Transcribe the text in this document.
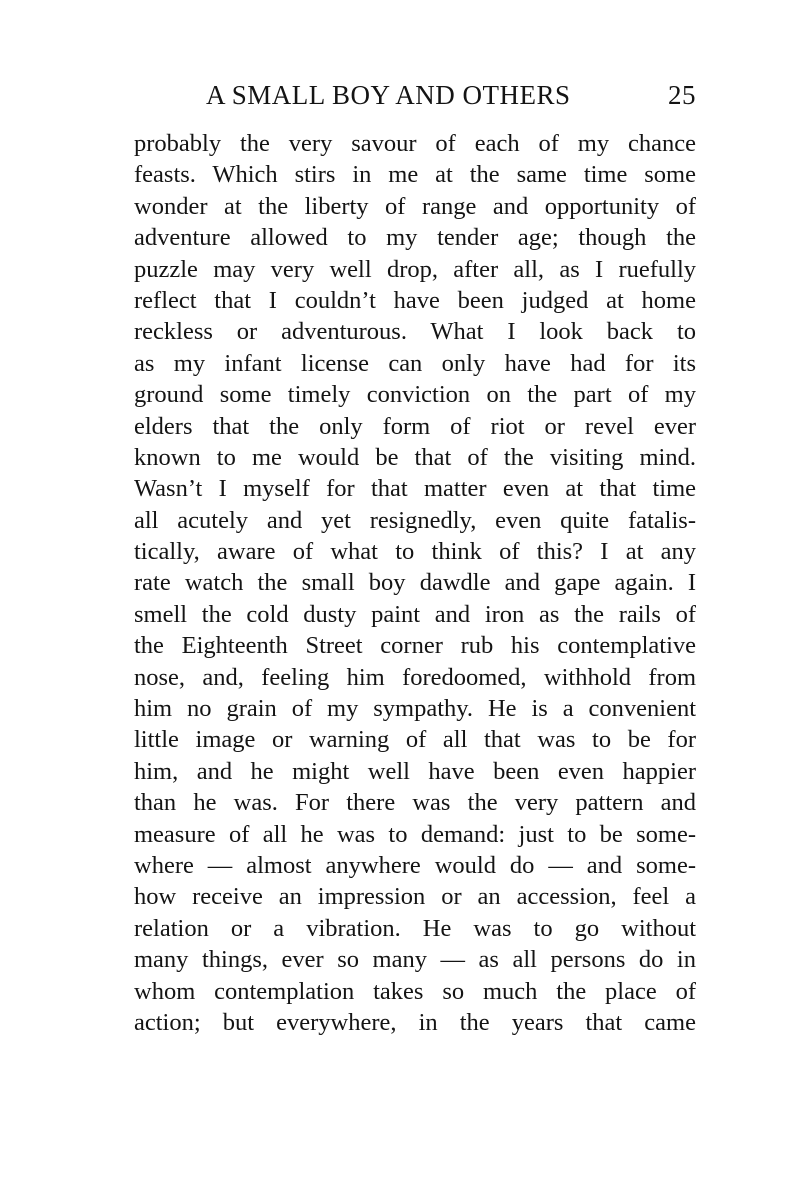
A SMALL BOY AND OTHERS	25
probably the very savour of each of my chance
feasts. Which stirs in me at the same time some
wonder at the liberty of range and opportunity of
adventure allowed to my tender age; though the
puzzle may very well drop, after all, as I ruefully
reflect that I couldn’t have been judged at home
reckless or adventurous. What I look back to
as my infant license can only have had for its
ground some timely conviction on the part of my
elders that the only form of riot or revel ever
known to me would be that of the visiting mind.
Wasn’t I myself for that matter even at that time
all acutely and yet resignedly, even quite fatalis-
tically, aware of what to think of this? I at any
rate watch the small boy dawdle and gape again. I
smell the cold dusty paint and iron as the rails of
the Eighteenth Street corner rub his contemplative
nose, and, feeling him foredoomed, withhold from
him no grain of my sympathy. He is a convenient
little image or warning of all that was to be for
him, and he might well have been even happier
than he was. For there was the very pattern and
measure of all he was to demand: just to be some-
where — almost anywhere would do — and some-
how receive an impression or an accession, feel a
relation or a vibration. He was to go without
many things, ever so many — as all persons do in
whom contemplation takes so much the place of
action; but everywhere, in the years that came
